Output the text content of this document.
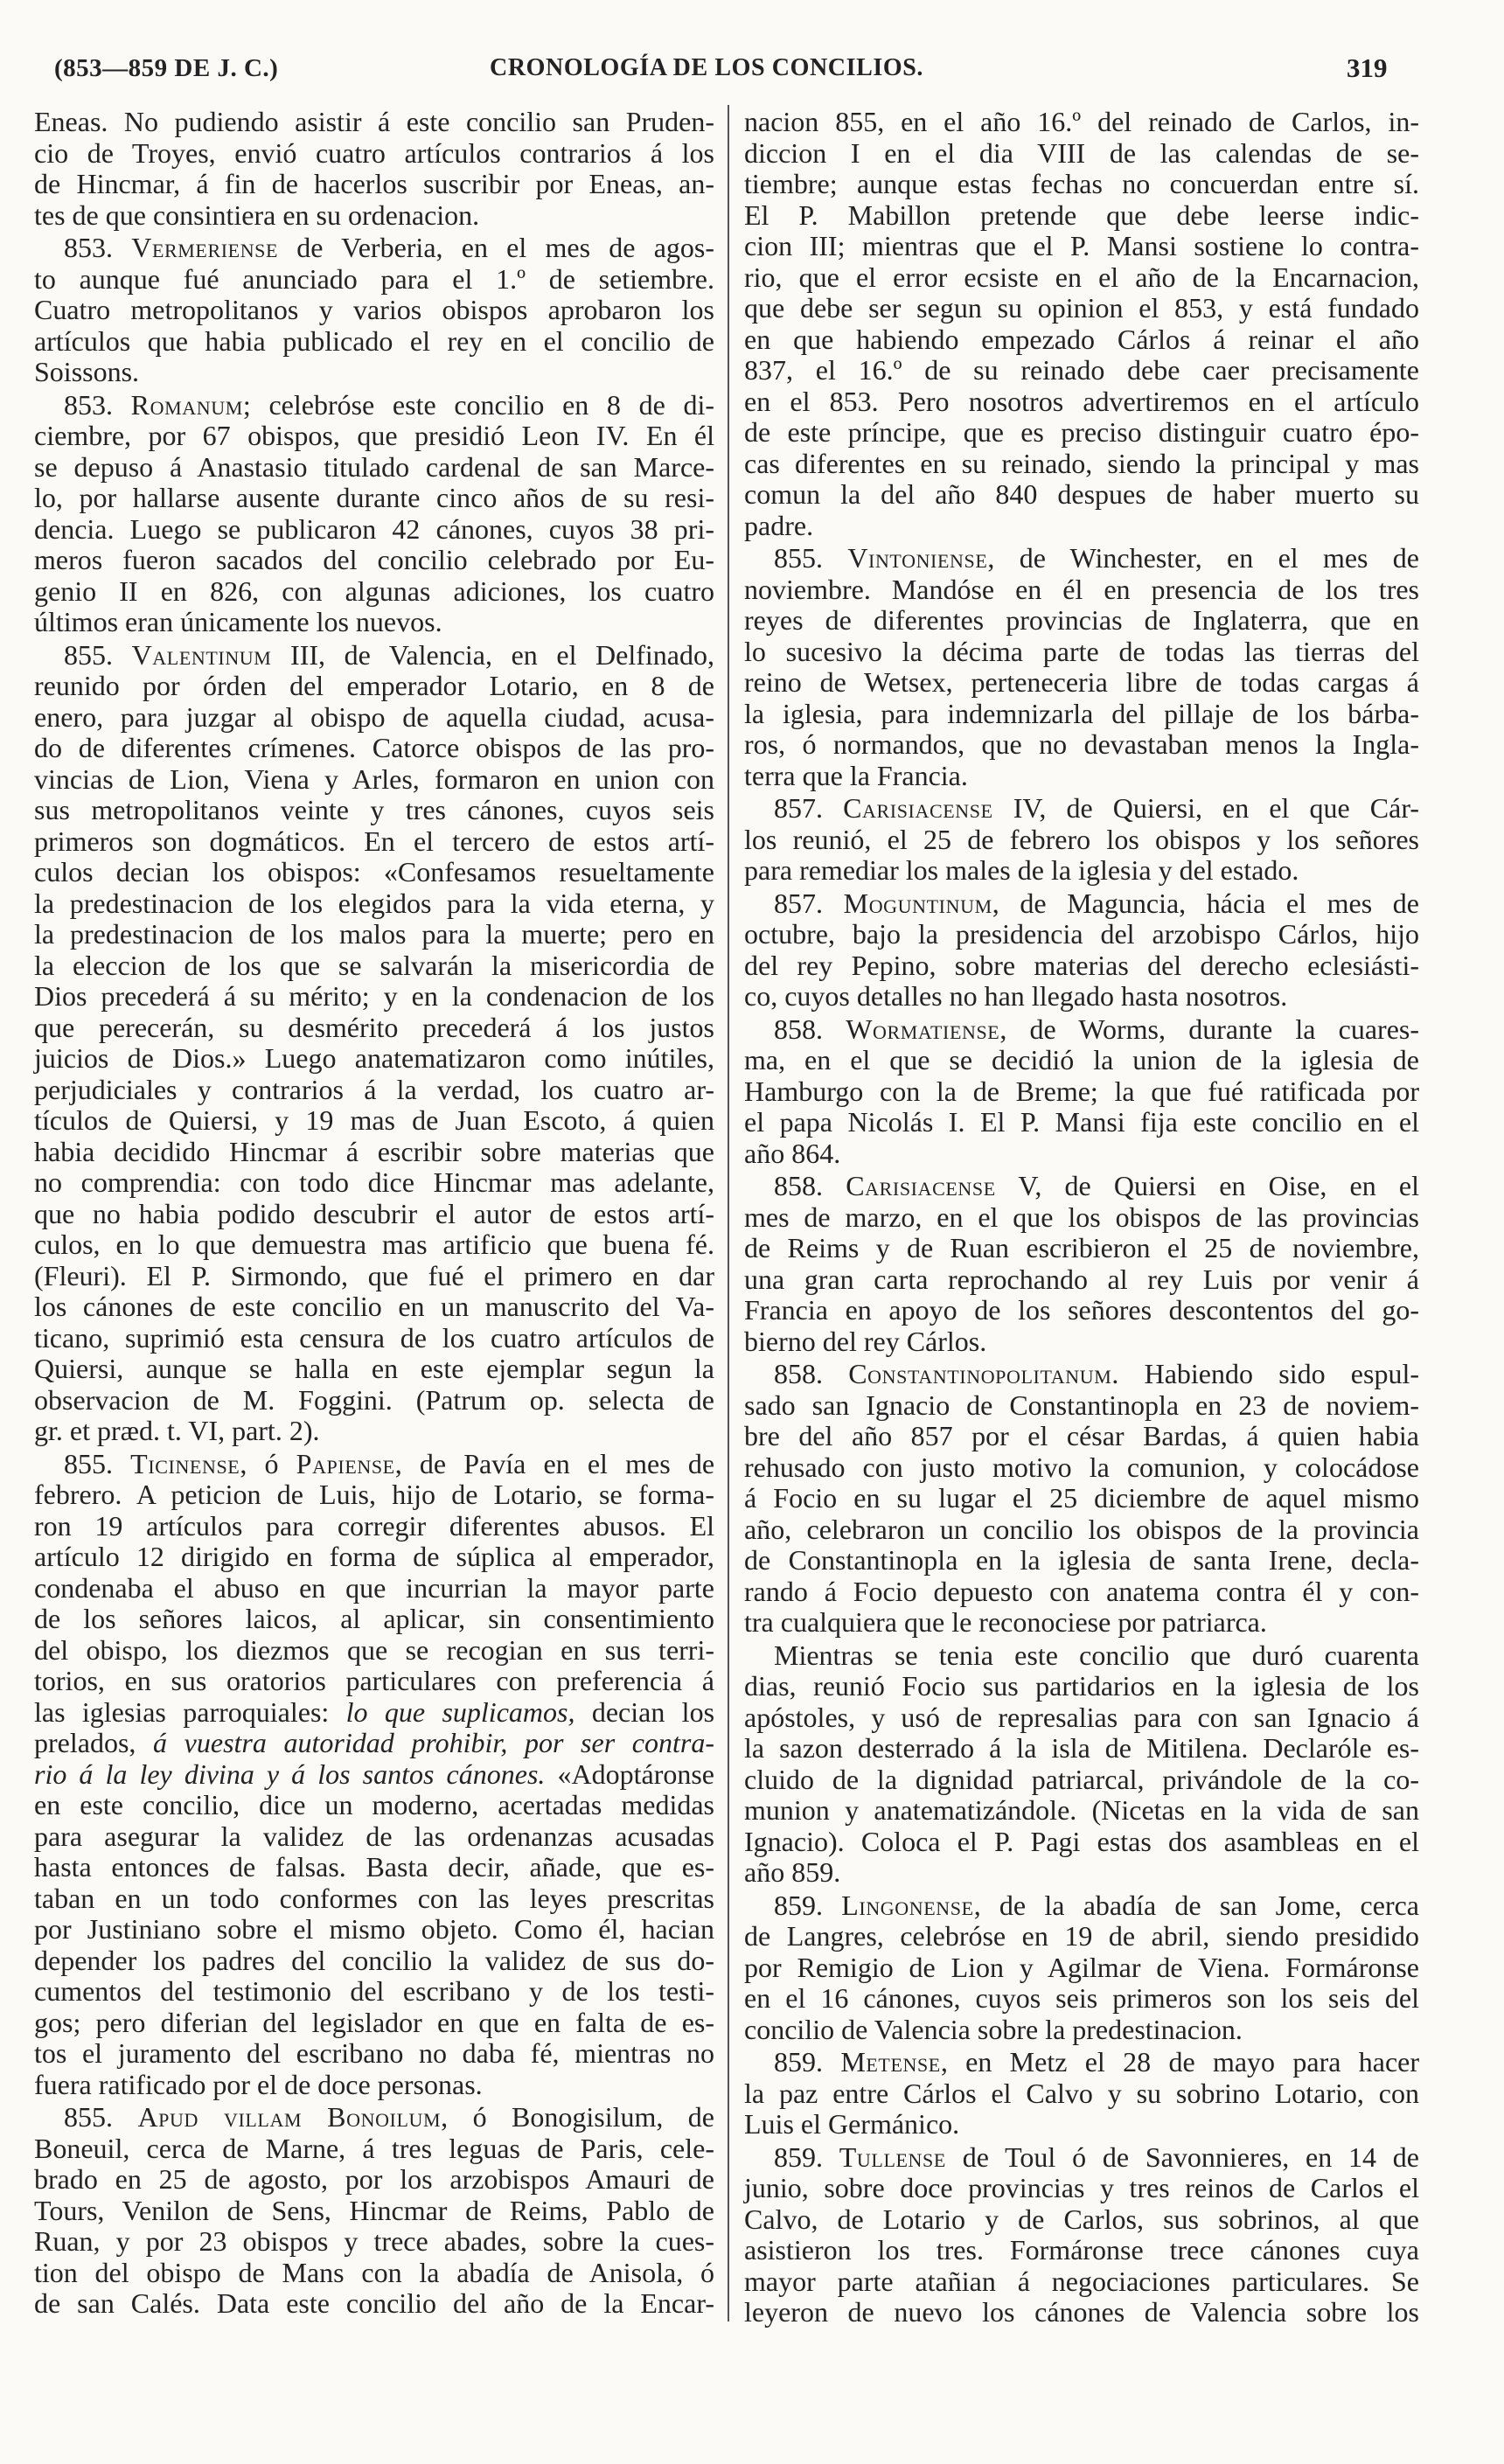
(853—859 DE J. C.)	CRONOLOGÍA DE LOS CONCILIOS.	319
Eneas. No pudiendo asistir á este concilio san Pruden-
cio de Troyes, envió cuatro artículos contrarios á los
de Hincmar, á fin de hacerlos suscribir por Eneas, an-
tes de que consintiera en su ordenacion.
853. Vermeriense de Verberia, en el mes de agos-
to aunque fué anunciado para el 1.º de setiembre.
Cuatro metropolitanos y varios obispos aprobaron los
artículos que habia publicado el rey en el concilio de
Soissons.
853. Romanum; celebróse este concilio en 8 de di-
ciembre, por 67 obispos, que presidió Leon IV. En él
se depuso á Anastasio titulado cardenal de san Marce-
lo, por hallarse ausente durante cinco años de su resi-
dencia. Luego se publicaron 42 cánones, cuyos 38 pri-
meros fueron sacados del concilio celebrado por Eu-
genio II en 826, con algunas adiciones, los cuatro
últimos eran únicamente los nuevos.
855. Valentinum III, de Valencia, en el Delfinado,
reunido por órden del emperador Lotario, en 8 de
enero, para juzgar al obispo de aquella ciudad, acusa-
do de diferentes crímenes. Catorce obispos de las pro-
vincias de Lion, Viena y Arles, formaron en union con
sus metropolitanos veinte y tres cánones, cuyos seis
primeros son dogmáticos. En el tercero de estos artí-
culos decian los obispos: «Confesamos resueltamente
la predestinacion de los elegidos para la vida eterna, y
la predestinacion de los malos para la muerte; pero en
la eleccion de los que se salvarán la misericordia de
Dios precederá á su mérito; y en la condenacion de los
que perecerán, su desmérito precederá á los justos
juicios de Dios.» Luego anatematizaron como inútiles,
perjudiciales y contrarios á la verdad, los cuatro ar-
tículos de Quiersi, y 19 mas de Juan Escoto, á quien
habia decidido Hincmar á escribir sobre materias que
no comprendia: con todo dice Hincmar mas adelante,
que no habia podido descubrir el autor de estos artí-
culos, en lo que demuestra mas artificio que buena fé.
(Fleuri). El P. Sirmondo, que fué el primero en dar
los cánones de este concilio en un manuscrito del Va-
ticano, suprimió esta censura de los cuatro artículos de
Quiersi, aunque se halla en este ejemplar segun la
observacion de M. Foggini. (Patrum op. selecta de
gr. et præd. t. VI, part. 2).
855. Ticinense, ó Papiense, de Pavía en el mes de
febrero. A peticion de Luis, hijo de Lotario, se forma-
ron 19 artículos para corregir diferentes abusos. El
artículo 12 dirigido en forma de súplica al emperador,
condenaba el abuso en que incurrian la mayor parte
de los señores laicos, al aplicar, sin consentimiento
del obispo, los diezmos que se recogian en sus terri-
torios, en sus oratorios particulares con preferencia á
las iglesias parroquiales: lo que suplicamos, decian los
prelados, á vuestra autoridad prohibir, por ser contra-
rio á la ley divina y á los santos cánones. «Adoptáronse
en este concilio, dice un moderno, acertadas medidas
para asegurar la validez de las ordenanzas acusadas
hasta entonces de falsas. Basta decir, añade, que es-
taban en un todo conformes con las leyes prescritas
por Justiniano sobre el mismo objeto. Como él, hacian
depender los padres del concilio la validez de sus do-
cumentos del testimonio del escribano y de los testi-
gos; pero diferian del legislador en que en falta de es-
tos el juramento del escribano no daba fé, mientras no
fuera ratificado por el de doce personas.
855. Apud villam Bonoilum, ó Bonogisilum, de
Boneuil, cerca de Marne, á tres leguas de Paris, cele-
brado en 25 de agosto, por los arzobispos Amauri de
Tours, Venilon de Sens, Hincmar de Reims, Pablo de
Ruan, y por 23 obispos y trece abades, sobre la cues-
tion del obispo de Mans con la abadía de Anisola, ó
de san Calés. Data este concilio del año de la Encar-
nacion 855, en el año 16.º del reinado de Carlos, in-
diccion I en el dia VIII de las calendas de se-
tiembre; aunque estas fechas no concuerdan entre sí.
El P. Mabillon pretende que debe leerse indic-
cion III; mientras que el P. Mansi sostiene lo contra-
rio, que el error ecsiste en el año de la Encarnacion,
que debe ser segun su opinion el 853, y está fundado
en que habiendo empezado Cárlos á reinar el año
837, el 16.º de su reinado debe caer precisamente
en el 853. Pero nosotros advertiremos en el artículo
de este príncipe, que es preciso distinguir cuatro épo-
cas diferentes en su reinado, siendo la principal y mas
comun la del año 840 despues de haber muerto su
padre.
855. Vintoniense, de Winchester, en el mes de
noviembre. Mandóse en él en presencia de los tres
reyes de diferentes provincias de Inglaterra, que en
lo sucesivo la décima parte de todas las tierras del
reino de Wetsex, perteneceria libre de todas cargas á
la iglesia, para indemnizarla del pillaje de los bárba-
ros, ó normandos, que no devastaban menos la Ingla-
terra que la Francia.
857. Carisiacense IV, de Quiersi, en el que Cár-
los reunió, el 25 de febrero los obispos y los señores
para remediar los males de la iglesia y del estado.
857. Moguntinum, de Maguncia, hácia el mes de
octubre, bajo la presidencia del arzobispo Cárlos, hijo
del rey Pepino, sobre materias del derecho eclesiásti-
co, cuyos detalles no han llegado hasta nosotros.
858. Wormatiense, de Worms, durante la cuares-
ma, en el que se decidió la union de la iglesia de
Hamburgo con la de Breme; la que fué ratificada por
el papa Nicolás I. El P. Mansi fija este concilio en el
año 864.
858. Carisiacense V, de Quiersi en Oise, en el
mes de marzo, en el que los obispos de las provincias
de Reims y de Ruan escribieron el 25 de noviembre,
una gran carta reprochando al rey Luis por venir á
Francia en apoyo de los señores descontentos del go-
bierno del rey Cárlos.
858. Constantinopolitanum. Habiendo sido espul-
sado san Ignacio de Constantinopla en 23 de noviem-
bre del año 857 por el césar Bardas, á quien habia
rehusado con justo motivo la comunion, y colocádose
á Focio en su lugar el 25 diciembre de aquel mismo
año, celebraron un concilio los obispos de la provincia
de Constantinopla en la iglesia de santa Irene, decla-
rando á Focio depuesto con anatema contra él y con-
tra cualquiera que le reconociese por patriarca.
Mientras se tenia este concilio que duró cuarenta
dias, reunió Focio sus partidarios en la iglesia de los
apóstoles, y usó de represalias para con san Ignacio á
la sazon desterrado á la isla de Mitilena. Declaróle es-
cluido de la dignidad patriarcal, privándole de la co-
munion y anatematizándole. (Nicetas en la vida de san
Ignacio). Coloca el P. Pagi estas dos asambleas en el
año 859.
859. Lingonense, de la abadía de san Jome, cerca
de Langres, celebróse en 19 de abril, siendo presidido
por Remigio de Lion y Agilmar de Viena. Formáronse
en el 16 cánones, cuyos seis primeros son los seis del
concilio de Valencia sobre la predestinacion.
859. Metense, en Metz el 28 de mayo para hacer
la paz entre Cárlos el Calvo y su sobrino Lotario, con
Luis el Germánico.
859. Tullense de Toul ó de Savonnieres, en 14 de
junio, sobre doce provincias y tres reinos de Carlos el
Calvo, de Lotario y de Carlos, sus sobrinos, al que
asistieron los tres. Formáronse trece cánones cuya
mayor parte atañian á negociaciones particulares. Se
leyeron de nuevo los cánones de Valencia sobre los
